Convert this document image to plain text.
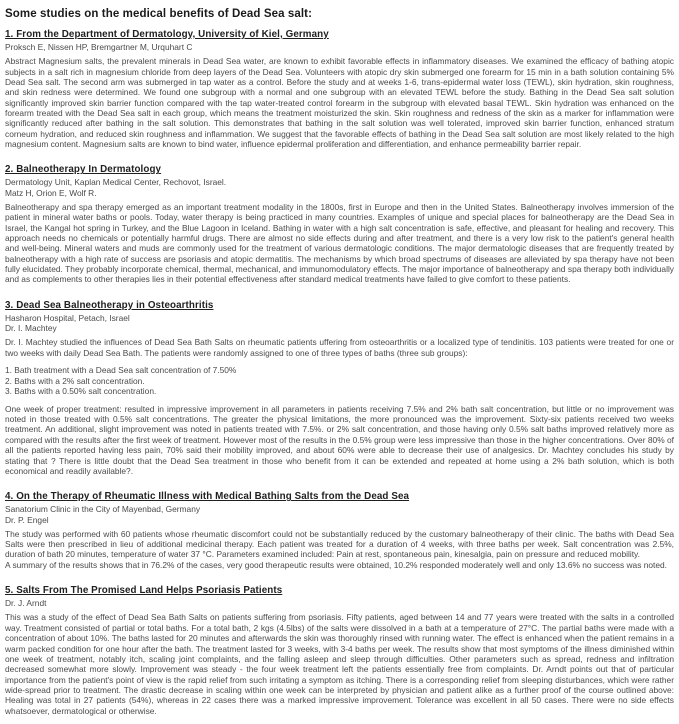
Some studies on the medical benefits of Dead Sea salt:
1. From the Department of Dermatology, University of Kiel, Germany

Proksch E, Nissen HP, Bremgartner M, Urquhart C

Abstract Magnesium salts, the prevalent minerals in Dead Sea water, are known to exhibit favorable effects in inflammatory diseases. We examined the efficacy of bathing atopic subjects in a salt rich in magnesium chloride from deep layers of the Dead Sea. Volunteers with atopic dry skin submerged one forearm for 15 min in a bath solution containing 5% Dead Sea salt. The second arm was submerged in tap water as a control. Before the study and at weeks 1-6, trans-epidermal water loss (TEWL), skin hydration, skin roughness, and skin redness were determined. We found one subgroup with a normal and one subgroup with an elevated TEWL before the study. Bathing in the Dead Sea salt solution significantly improved skin barrier function compared with the tap water-treated control forearm in the subgroup with elevated basal TEWL. Skin hydration was enhanced on the forearm treated with the Dead Sea salt in each group, which means the treatment moisturized the skin. Skin roughness and redness of the skin as a marker for inflammation were significantly reduced after bathing in the salt solution. This demonstrates that bathing in the salt solution was well tolerated, improved skin barrier function, enhanced stratum corneum hydration, and reduced skin roughness and inflammation. We suggest that the favorable effects of bathing in the Dead Sea salt solution are most likely related to the high magnesium content. Magnesium salts are known to bind water, influence epidermal proliferation and differentiation, and enhance permeability barrier repair.

2. Balneotherapy In Dermatology

Dermatology Unit, Kaplan Medical Center, Rechovot, Israel.

Matz H, Orion E, Wolf R.

Balneotherapy and spa therapy emerged as an important treatment modality in the 1800s, first in Europe and then in the United States. Balneotherapy involves immersion of the patient in mineral water baths or pools. Today, water therapy is being practiced in many countries. Examples of unique and special places for balneotherapy are the Dead Sea in Israel, the Kangal hot spring in Turkey, and the Blue Lagoon in Iceland. Bathing in water with a high salt concentration is safe, effective, and pleasant for healing and recovery. This approach needs no chemicals or potentially harmful drugs. There are almost no side effects during and after treatment, and there is a very low risk to the patient's general health and well-being. Mineral waters and muds are commonly used for the treatment of various dermatologic conditions. The major dermatologic diseases that are frequently treated by balneotherapy with a high rate of success are psoriasis and atopic dermatitis. The mechanisms by which broad spectrums of diseases are alleviated by spa therapy have not been fully elucidated. They probably incorporate chemical, thermal, mechanical, and immunomodulatory effects. The major importance of balneotherapy and spa therapy both individually and as complements to other therapies lies in their potential effectiveness after standard medical treatments have failed to give comfort to these patients.

3. Dead Sea Balneotherapy in Osteoarthritis

Hasharon Hospital, Petach, Israel

Dr. I. Machtey

Dr. I. Machtey studied the influences of Dead Sea Bath Salts on rheumatic patients uffering from osteoarthritis or a localized type of tendinitis. 103 patients were treated for one or two weeks with daily Dead Sea Bath. The patients were randomly assigned to one of three types of baths (three sub groups):

1. Bath treatment with a Dead Sea salt concentration of 7.50%

2. Baths with a 2% salt concentration.

3. Baths with a 0.50% salt concentration.

One week of proper treatment: resulted in impressive improvement in all parameters in patients receiving 7.5% and 2% bath salt concentration, but little or no improvement was noted in those treated with 0.5% salt concentrations. The greater the physical limitations, the more pronounced was the improvement. Sixty-six patients received two weeks treatment. An additional, slight improvement was noted in patients treated with 7.5%. or 2% salt concentration, and those having only 0.5% salt baths improved relatively more as compared with the results after the first week of treatment. However most of the results in the 0.5% group were less impressive than those in the higher concentrations. Over 80% of all the patients reported having less pain, 70% said their mobility improved, and about 60% were able to decrease their use of analgesics. Dr. Machtey concludes his study by stating that ? There is little doubt that the Dead Sea treatment in those who benefit from it can be extended and repeated at home using a 2% bath solution, which is both economical and readily available?.

4. On the Therapy of Rheumatic Illness with Medical Bathing Salts from the Dead Sea

Sanatorium Clinic in the City of Mayenbad, Germany

Dr. P. Engel

The study was performed with 60 patients whose rheumatic discomfort could not be substantially reduced by the customary balneotherapy of their clinic. The baths with Dead Sea Salts were then prescribed in lieu of additional medicinal therapy. Each patient was treated for a duration of 4 weeks, with three baths per week. Salt concentration was 2.5%, duration of bath 20 minutes, temperature of water 37 °C. Parameters examined included: Pain at rest, spontaneous pain, kinesalgia, pain on pressure and reduced mobility.

A summary of the results shows that in 76.2% of the cases, very good therapeutic results were obtained, 10.2% responded moderately well and only 13.6% no success was noted.

5. Salts From The Promised Land Helps Psoriasis Patients

Dr. J. Arndt

This was a study of the effect of Dead Sea Bath Salts on patients suffering from psoriasis. Fifty patients, aged between 14 and 77 years were treated with the salts in a controlled way. Treatment consisted of partial or total baths. For a total bath, 2 kgs (4.5lbs) of the salts were dissolved in a bath at a temperature of 27°C. The partial baths were made with a concentration of about 10%. The baths lasted for 20 minutes and afterwards the skin was thoroughly rinsed with running water. The effect is enhanced when the patient remains in a warm packed condition for one hour after the bath. The treatment lasted for 3 weeks, with 3-4 baths per week. The results show that most symptoms of the illness diminished within one week of treatment, notably itch, scaling joint complaints, and the falling asleep and sleep through difficulties. Other parameters such as spread, redness and infiltration decreased somewhat more slowly. Improvement was steady - the four week treatment left the patients essentially free from complaints. Dr. Arndt points out that of particular importance from the patient's point of view is the rapid relief from such irritating a symptom as itching. There is a corresponding relief from sleeping disturbances, which were rather wide-spread prior to treatment. The drastic decrease in scaling within one week can be interpreted by physician and patient alike as a further proof of the course outlined above: Healing was total in 27 patients (54%), whereas in 22 cases there was a marked impressive improvement. Tolerance was excellent in all 50 cases. There were no side effects whatsoever, dermatological or otherwise.
